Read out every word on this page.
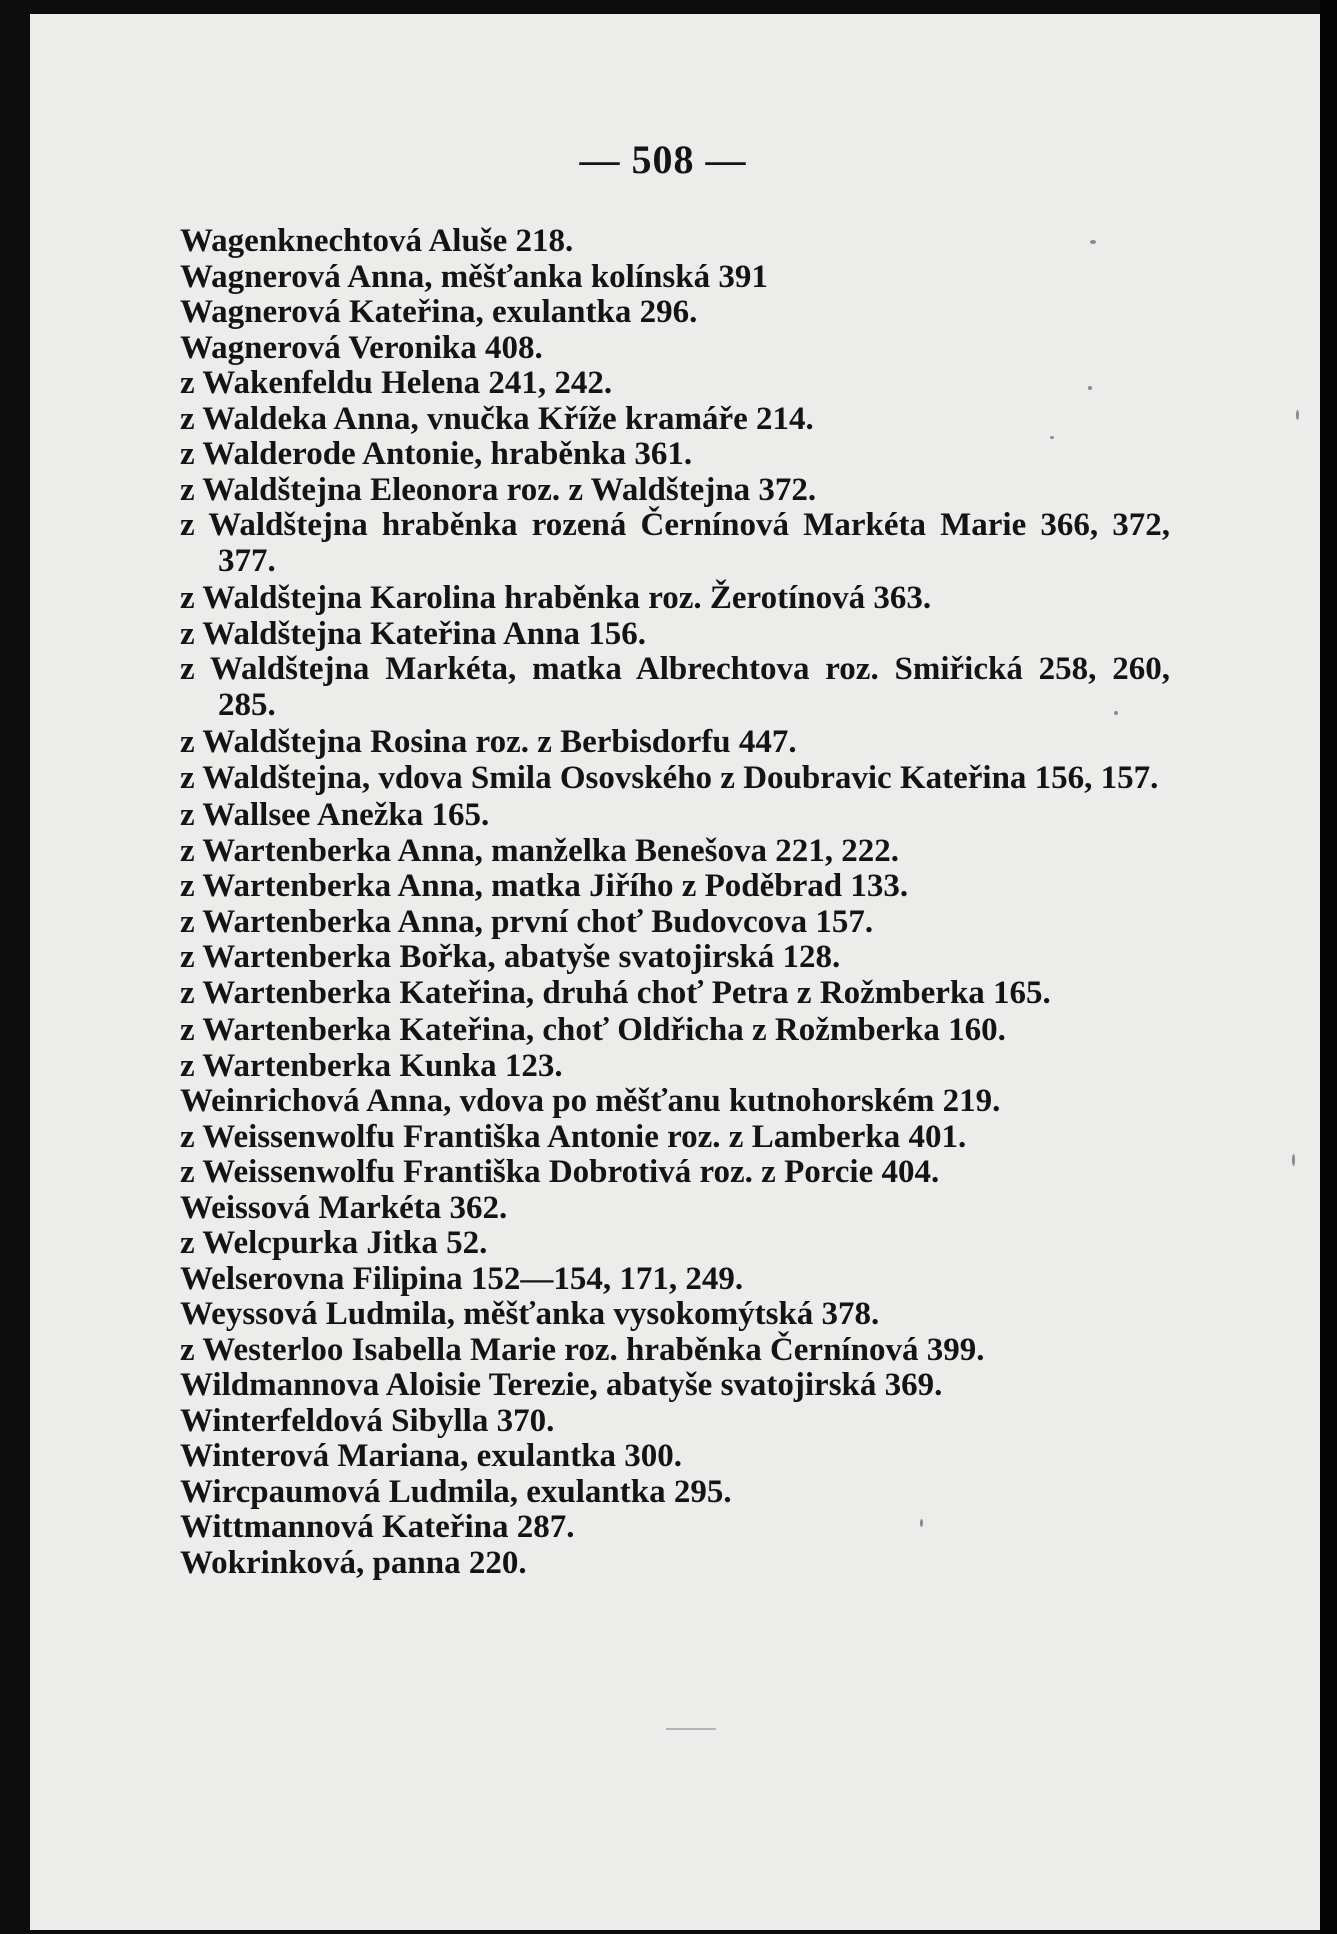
— 508 —

Wagenknechtová Aluše 218.

Wagnerová Anna, měšťanka kolínská 391

Wagnerová Kateřina, exulantka 296.

Wagnerová Veronika 408.

z Wakenfeldu Helena 241, 242.

z Waldeka Anna, vnučka Kříže kramáře 214.

z Walderode Antonie, hraběnka 361.

z Waldštejna Eleonora roz. z Waldštejna 372.

z Waldštejna hraběnka rozená Černínová Markéta Marie 366, 372, 377.

z Waldštejna Karolina hraběnka roz. Žerotínová 363.

z Waldštejna Kateřina Anna 156.

z Waldštejna Markéta, matka Albrechtova roz. Smiřická 258, 260, 285.

z Waldštejna Rosina roz. z Berbisdorfu 447.

z Waldštejna, vdova Smila Osovského z Doubravic Kateřina 156, 157.

z Wallsee Anežka 165.

z Wartenberka Anna, manželka Benešova 221, 222.

z Wartenberka Anna, matka Jiřího z Poděbrad 133.

z Wartenberka Anna, první choť Budovcova 157.

z Wartenberka Bořka, abatyše svatojirská 128.

z Wartenberka Kateřina, druhá choť Petra z Rožmberka 165.

z Wartenberka Kateřina, choť Oldřicha z Rožmberka 160.

z Wartenberka Kunka 123.

Weinrichová Anna, vdova po měšťanu kutnohorském 219.

z Weissenwolfu Františka Antonie roz. z Lamberka 401.

z Weissenwolfu Františka Dobrotivá roz. z Porcie 404.

Weissová Markéta 362.

z Welcpurka Jitka 52.

Welserovna Filipina 152—154, 171, 249.

Weyssová Ludmila, měšťanka vysokomýtská 378.

z Westerloo Isabella Marie roz. hraběnka Černínová 399.

Wildmannova Aloisie Terezie, abatyše svatojirská 369.

Winterfeldová Sibylla 370.

Winterová Mariana, exulantka 300.

Wircpaumová Ludmila, exulantka 295.

Wittmannová Kateřina 287.

Wokrinková, panna 220.
